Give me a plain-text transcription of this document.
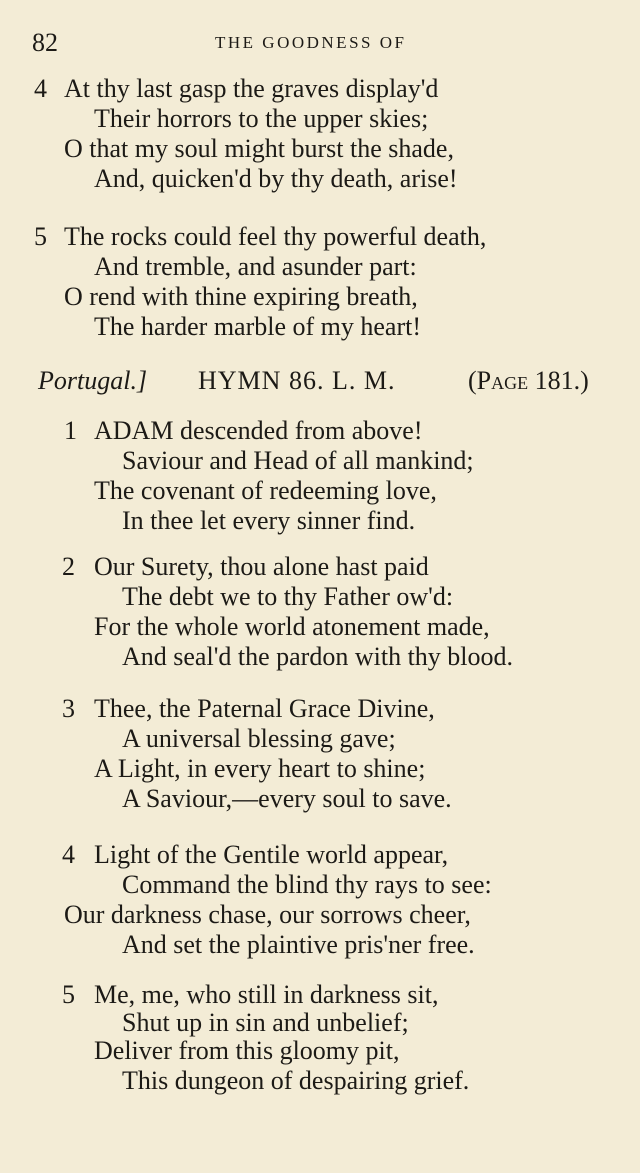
82	THE GOODNESS OF
4 At thy last gasp the graves display'd
Their horrors to the upper skies;
O that my soul might burst the shade,
And, quicken'd by thy death, arise!
5 The rocks could feel thy powerful death,
And tremble, and asunder part:
O rend with thine expiring breath,
The harder marble of my heart!
Portugal.] HYMN 86. L. M.	(Page 181.)
1 ADAM descended from above!
Saviour and Head of all mankind;
The covenant of redeeming love,
In thee let every sinner find.
2 Our Surety, thou alone hast paid
The debt we to thy Father ow'd:
For the whole world atonement made,
And seal'd the pardon with thy blood.
3 Thee, the Paternal Grace Divine,
A universal blessing gave;
A Light, in every heart to shine;
A Saviour,—every soul to save.
4 Light of the Gentile world appear,
Command the blind thy rays to see:
Our darkness chase, our sorrows cheer,
And set the plaintive pris'ner free.
5 Me, me, who still in darkness sit,
Shut up in sin and unbelief;
Deliver from this gloomy pit,
This dungeon of despairing grief.
